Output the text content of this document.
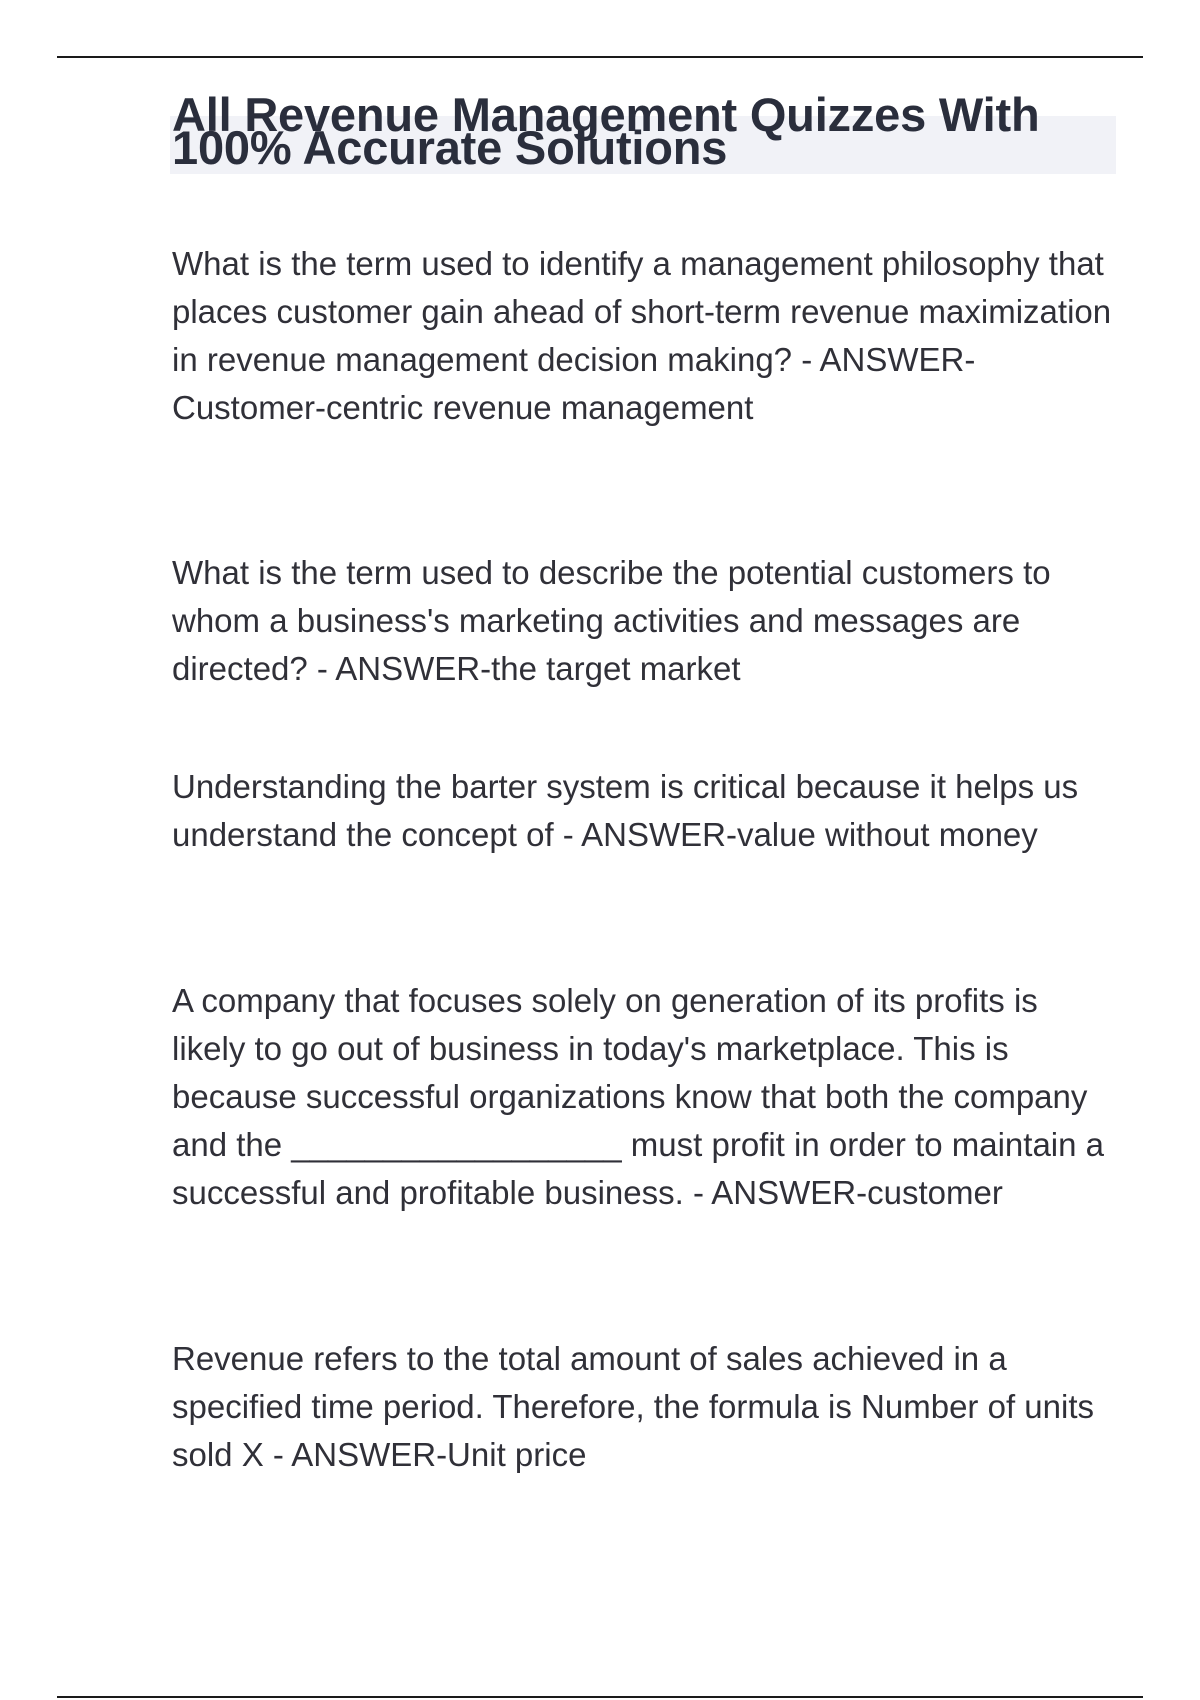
All Revenue Management Quizzes With 100% Accurate Solutions

What is the term used to identify a management philosophy that places customer gain ahead of short-term revenue maximization in revenue management decision making? - ANSWER-Customer-centric revenue management

What is the term used to describe the potential customers to whom a business's marketing activities and messages are directed? - ANSWER-the target market

Understanding the barter system is critical because it helps us understand the concept of - ANSWER-value without money

A company that focuses solely on generation of its profits is likely to go out of business in today's marketplace. This is because successful organizations know that both the company and the __________________ must profit in order to maintain a successful and profitable business. - ANSWER-customer

Revenue refers to the total amount of sales achieved in a specified time period. Therefore, the formula is Number of units sold X - ANSWER-Unit price
